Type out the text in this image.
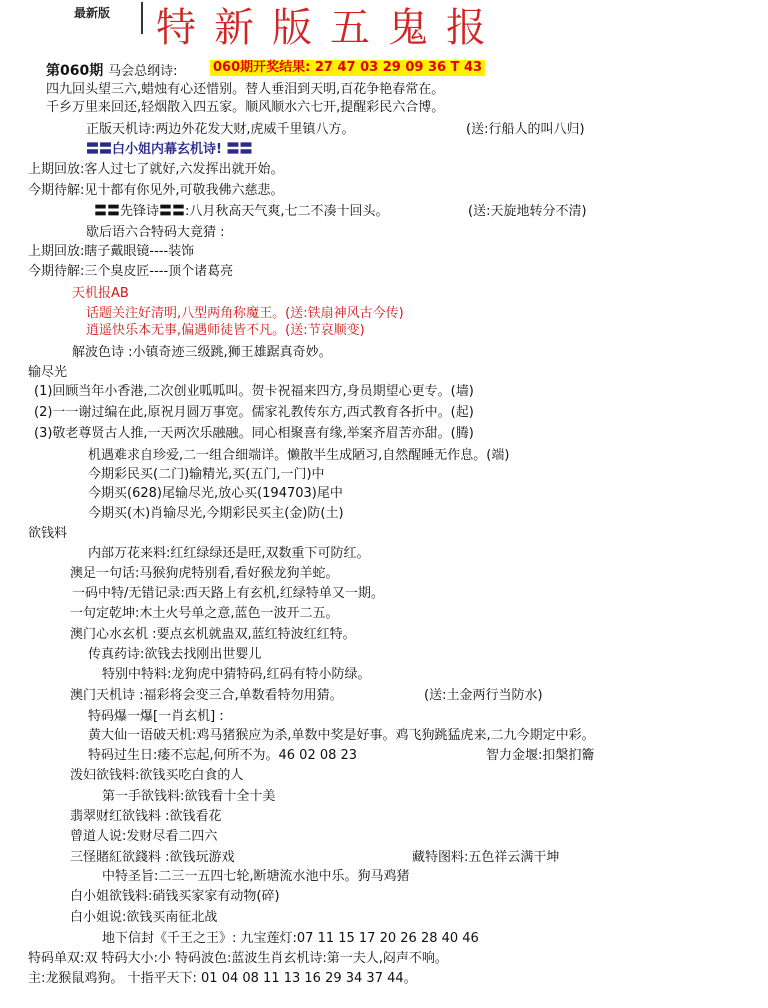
最新版 特新版五鬼报
第060期 马会总纲诗:	060期开奖结果: 27 47 03 29 09 36 T 43
四九回头望三六,蜡烛有心还惜别。替人垂泪到天明,百花争艳春常在。
千乡万里来回还,轻烟散入四五家。顺风顺水六七开,提醒彩民六合博。
正版天机诗:两边外花发大财,虎威千里镇八方。	(送:行船人的叫八归)
〓〓白小姐内幕玄机诗! 〓〓
上期回放:客人过七了就好,六发挥出就开始。
今期待解:见十都有你见外,可敬我佛六慈悲。
〓〓先锋诗〓〓:八月秋高天气爽,七二不凑十回头。	(送:天旋地转分不清)
歇后语六合特码大竟猜 :
上期回放:瞎子戴眼镜----装饰
今期待解:三个臭皮匠----顶个诸葛亮
天机报AB
话题关注好清明,八型两角称魔王。(送:铁扇神风古今传)
逍遥快乐本无事,偏遇师徒皆不凡。(送:节哀顺变)
解波色诗 :小镇奇迹三级跳,狮王雄踞真奇妙。
输尽光
(1)回顾当年小香港,二次创业呱呱叫。贺卡祝福来四方,身员期望心更专。(墙)
(2)一一谢过编在此,原祝月圆万事宽。儒家礼教传东方,西式教育各折中。(起)
(3)敬老尊贤古人推,一天两次乐融融。同心相聚喜有缘,举案齐眉苦亦甜。(腾)
机遇难求自珍爱,二一组合细端详。懒散半生成陋习,自然醒睡无作息。(端)
今期彩民买(二门)输精光,买(五门,一门)中
今期买(628)尾输尽光,放心买(194703)尾中
今期买(木)肖输尽光,今期彩民买主(金)防(土)
欲钱料
内部万花来料:红红绿绿还是旺,双数重下可防红。
澳足一句话:马猴狗虎特别看,看好猴龙狗羊蛇。
一码中特/无错记录:西天路上有玄机,红绿特单又一期。
一句定乾坤:木土火号单之意,蓝色一波开二五。
澳门心水玄机 :要点玄机就蛊双,蓝红特波红红特。
传真药诗:欲钱去找刚出世婴儿
特别中特料:龙狗虎中猜特码,红码有特小防绿。
澳门天机诗 :福彩将会变三合,单数看特勿用猜。	(送:土金两行当防水)
特码爆一爆[一肖玄机] :
黄大仙一语破天机:鸡马猪猴应为杀,单数中奖是好事。鸡飞狗跳猛虎来,二九今期定中彩。
特码过生日:瘘不忘起,何所不为。46 02 08 23	智力金堰:扣槃扪籥
泼妇欲钱料:欲钱买吃白食的人
第一手欲钱料:欲钱看十全十美
翡翠财红欲钱料 :欲钱看花
曾道人说:发财尽看二四六
三怪賭紅欲錢料 :欲钱玩游戏	藏特图料:五色祥云满干坤
中特圣旨:二三一五四七轮,断塘流水池中乐。狗马鸡猪
白小姐欲钱料:硝钱买家家有动物(碎)
白小姐说:欲钱买南征北战
地下信封《千王之王》: 九宝莲灯:07 11 15 17 20 26 28 40 46
特码单双:双 特码大小:小 特码波色:蓝波生肖玄机诗:第一夫人,闷声不响。
主:龙猴鼠鸡狗。 十指平天下: 01 04 08 11 13 16 29 34 37 44。
